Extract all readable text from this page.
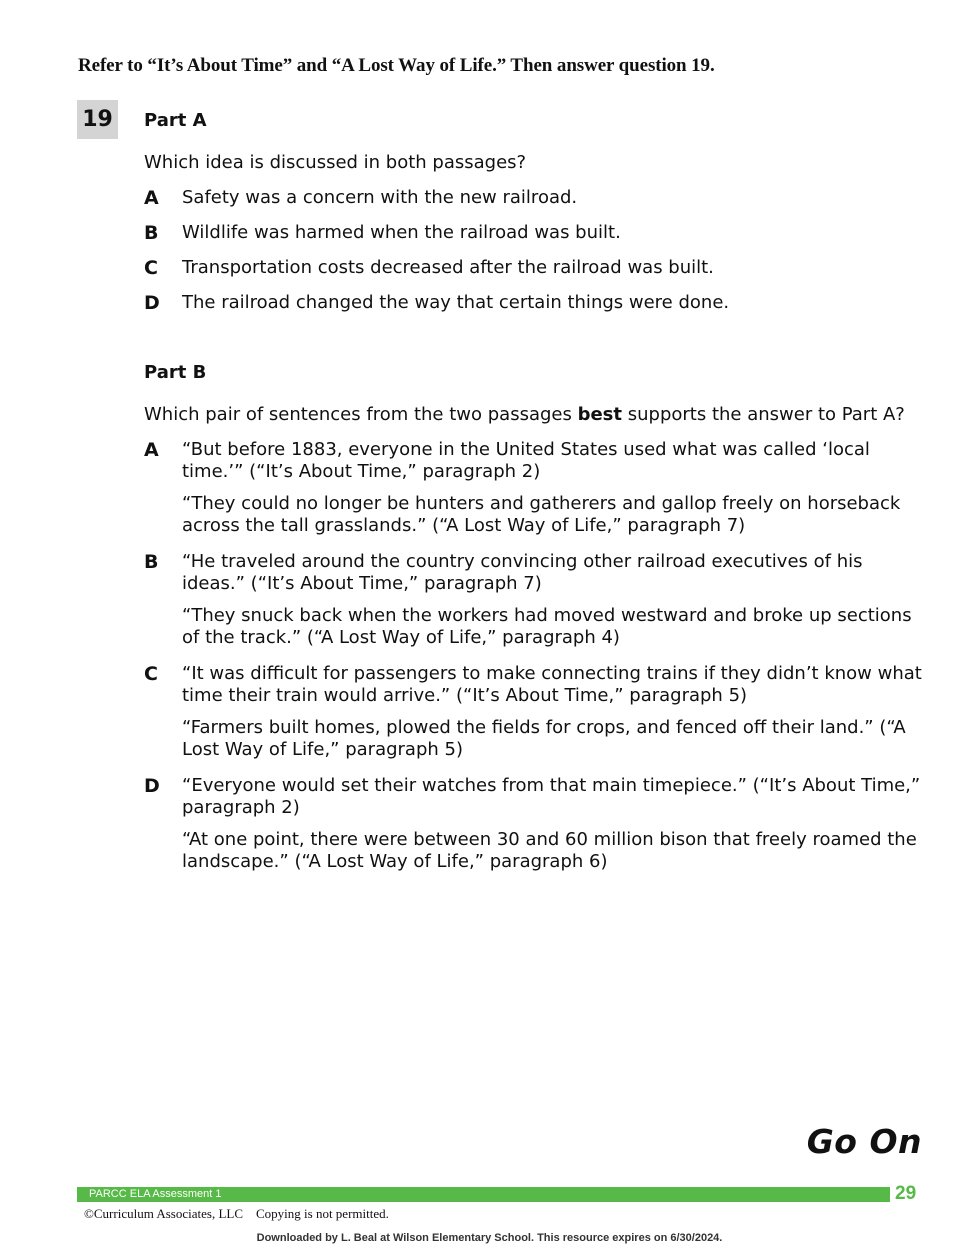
Refer to “It’s About Time” and “A Lost Way of Life.” Then answer question 19.
19 Part A
Which idea is discussed in both passages?
A Safety was a concern with the new railroad.
B Wildlife was harmed when the railroad was built.
C Transportation costs decreased after the railroad was built.
D The railroad changed the way that certain things were done.
Part B
Which pair of sentences from the two passages best supports the answer to Part A?
A “But before 1883, everyone in the United States used what was called ‘local time.’” (“It’s About Time,” paragraph 2)
“They could no longer be hunters and gatherers and gallop freely on horseback across the tall grasslands.” (“A Lost Way of Life,” paragraph 7)
B “He traveled around the country convincing other railroad executives of his ideas.” (“It’s About Time,” paragraph 7)
“They snuck back when the workers had moved westward and broke up sections of the track.” (“A Lost Way of Life,” paragraph 4)
C “It was difficult for passengers to make connecting trains if they didn’t know what time their train would arrive.” (“It’s About Time,” paragraph 5)
“Farmers built homes, plowed the fields for crops, and fenced off their land.” (“A Lost Way of Life,” paragraph 5)
D “Everyone would set their watches from that main timepiece.” (“It’s About Time,” paragraph 2)
“At one point, there were between 30 and 60 million bison that freely roamed the landscape.” (“A Lost Way of Life,” paragraph 6)
Go On
PARCC ELA Assessment 1	29
©Curriculum Associates, LLC    Copying is not permitted.
Downloaded by L. Beal at Wilson Elementary School. This resource expires on 6/30/2024.
